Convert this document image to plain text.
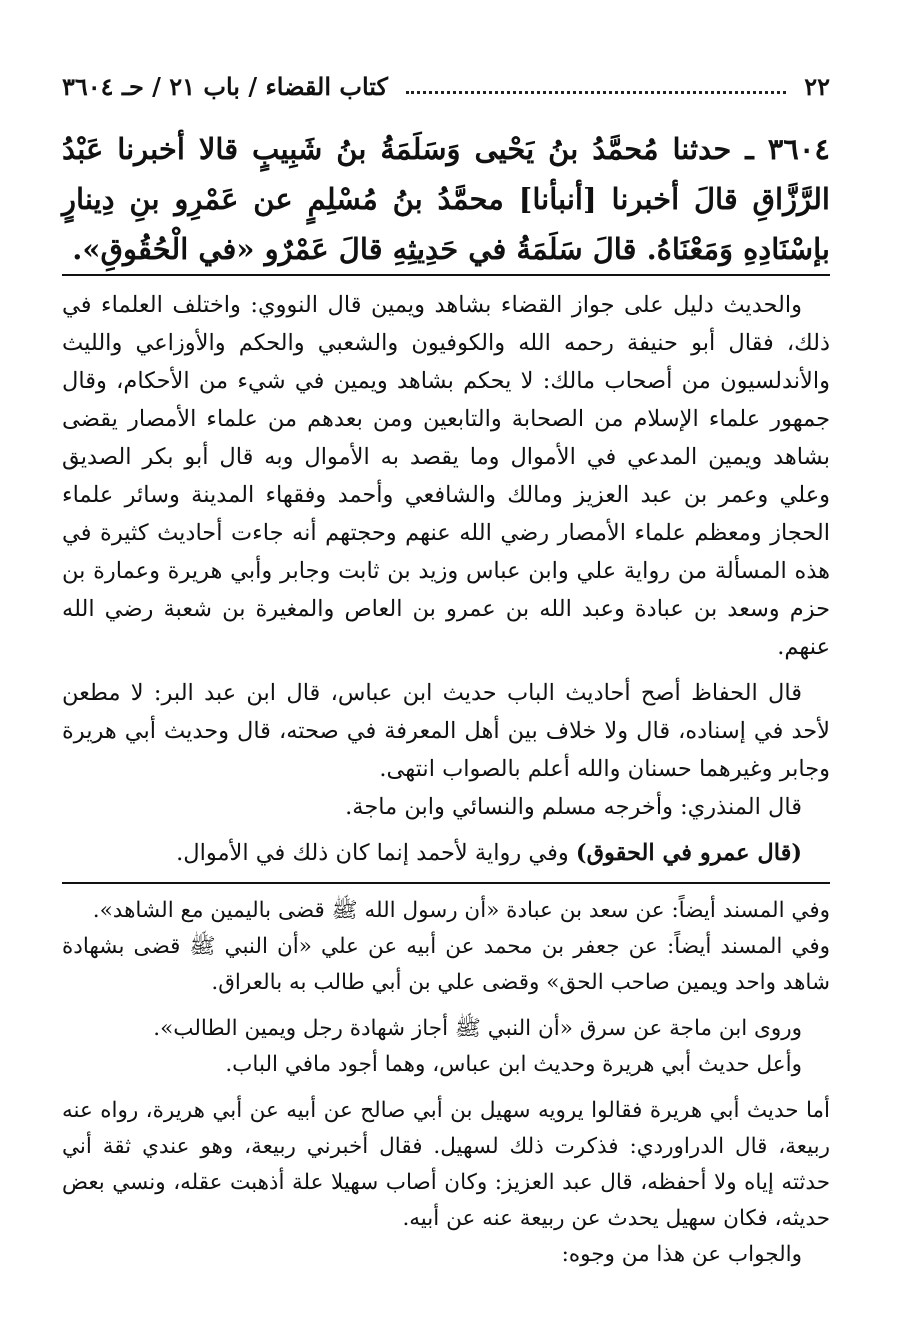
٢٢
كتاب القضاء / باب ٢١ / حـ ٣٦٠٤

٣٦٠٤ ـ حدثنا مُحمَّدُ بنُ يَحْيى وَسَلَمَةُ بنُ شَبِيبٍ قالا أخبرنا عَبْدُ الرَّزَّاقِ قالَ أخبرنا [أنبأنا] محمَّدُ بنُ مُسْلِمٍ عن عَمْرِو بنِ دِينارٍ بإسْنَادِهِ وَمَعْنَاهُ. قالَ سَلَمَةُ في حَدِيثِهِ قالَ عَمْرٌو «في الْحُقُوقِ».

والحديث دليل على جواز القضاء بشاهد ويمين قال النووي: واختلف العلماء في ذلك، فقال أبو حنيفة رحمه الله والكوفيون والشعبي والحكم والأوزاعي والليث والأندلسيون من أصحاب مالك: لا يحكم بشاهد ويمين في شيء من الأحكام، وقال جمهور علماء الإسلام من الصحابة والتابعين ومن بعدهم من علماء الأمصار يقضى بشاهد ويمين المدعي في الأموال وما يقصد به الأموال وبه قال أبو بكر الصديق وعلي وعمر بن عبد العزيز ومالك والشافعي وأحمد وفقهاء المدينة وسائر علماء الحجاز ومعظم علماء الأمصار رضي الله عنهم وحجتهم أنه جاءت أحاديث كثيرة في هذه المسألة من رواية علي وابن عباس وزيد بن ثابت وجابر وأبي هريرة وعمارة بن حزم وسعد بن عبادة وعبد الله بن عمرو بن العاص والمغيرة بن شعبة رضي الله عنهم.

قال الحفاظ أصح أحاديث الباب حديث ابن عباس، قال ابن عبد البر: لا مطعن لأحد في إسناده، قال ولا خلاف بين أهل المعرفة في صحته، قال وحديث أبي هريرة وجابر وغيرهما حسنان والله أعلم بالصواب انتهى.

قال المنذري: وأخرجه مسلم والنسائي وابن ماجة.

(قال عمرو في الحقوق) وفي رواية لأحمد إنما كان ذلك في الأموال.

وفي المسند أيضاً: عن سعد بن عبادة «أن رسول الله ﷺ قضى باليمين مع الشاهد».

وفي المسند أيضاً: عن جعفر بن محمد عن أبيه عن علي «أن النبي ﷺ قضى بشهادة شاهد واحد ويمين صاحب الحق» وقضى علي بن أبي طالب به بالعراق.

وروى ابن ماجة عن سرق «أن النبي ﷺ أجاز شهادة رجل ويمين الطالب».

وأعل حديث أبي هريرة وحديث ابن عباس، وهما أجود مافي الباب.

أما حديث أبي هريرة فقالوا يرويه سهيل بن أبي صالح عن أبيه عن أبي هريرة، رواه عنه ربيعة، قال الدراوردي: فذكرت ذلك لسهيل. فقال أخبرني ربيعة، وهو عندي ثقة أني حدثته إياه ولا أحفظه، قال عبد العزيز: وكان أصاب سهيلا علة أذهبت عقله، ونسي بعض حديثه، فكان سهيل يحدث عن ربيعة عنه عن أبيه.

والجواب عن هذا من وجوه:
